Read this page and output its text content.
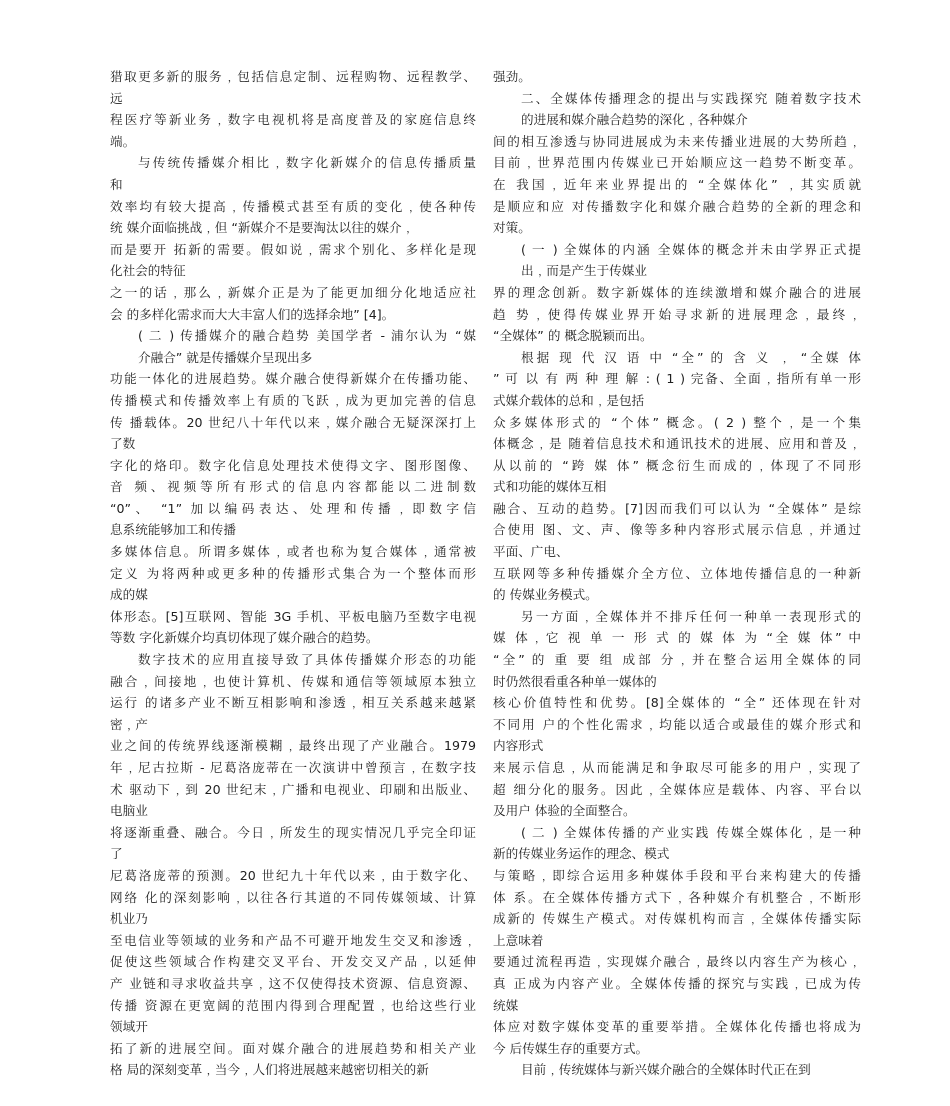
猎取更多新的服务﹐包括信息定制、远程购物、远程教学、
远
程医疗等新业务﹐数字电视机将是高度普及的家庭信息终
端。
与传统传播媒介相比﹐数字化新媒介的信息传播质量
和
效率均有较大提高﹐传播模式甚至有质的变化﹐使各种传
统 媒介面临挑战﹐但 “新媒介不是要淘汰以往的媒介﹐
而是要开 拓新的需要。假如说﹐需求个别化、多样化是现
化社会的特征
之一的话﹐那么﹐新媒介正是为了能更加细分化地适应社
会 的多样化需求而大大丰富人们的选择余地” [4]。
( 二 ) 传播媒介的融合趋势 美国学者 - 浦尔认为 “媒
介融合” 就是传播媒介呈现出多
功能一体化的进展趋势。媒介融合使得新媒介在传播功能、
传播模式和传播效率上有质的飞跃﹐成为更加完善的信息
传 播载体。20 世纪八十年代以来﹐媒介融合无疑深深打上
了数
字化的烙印。数字化信息处理技术使得文字、图形图像、
音 频、视频等所有形式的信息内容都能以二进制数
“0”、 “1” 加以编码表达、处理和传播﹐即数字信
息系统能够加工和传播
多媒体信息。所谓多媒体﹐或者也称为复合媒体﹐通常被
定义 为将两种或更多种的传播形式集合为一个整体而形
成的媒
体形态。[5]互联网、智能 3G 手机、平板电脑乃至数字电视
等数 字化新媒介均真切体现了媒介融合的趋势。
数字技术的应用直接导致了具体传播媒介形态的功能
融合﹐间接地﹐也使计算机、传媒和通信等领域原本独立
运行 的诸多产业不断互相影响和渗透﹐相互关系越来越紧
密﹐产
业之间的传统界线逐渐模糊﹐最终出现了产业融合。1979
年﹐尼古拉斯 - 尼葛洛庞蒂在一次演讲中曾预言﹐在数字技
术 驱动下﹐到 20 世纪末﹐广播和电视业、印刷和出版业、
电脑业
将逐渐重叠、融合。今日﹐所发生的现实情况几乎完全印证
了
尼葛洛庞蒂的预测。20 世纪九十年代以来﹐由于数字化、
网络 化的深刻影响﹐以往各行其道的不同传媒领域、计算
机业乃
至电信业等领域的业务和产品不可避开地发生交叉和渗透﹐
促使这些领域合作构建交叉平台、开发交叉产品﹐以延伸
产 业链和寻求收益共享﹐这不仅使得技术资源、信息资源、
传播 资源在更宽阔的范围内得到合理配置﹐也给这些行业
领域开
拓了新的进展空间。面对媒介融合的进展趋势和相关产业
格 局的深刻变革﹐当今﹐人们将进展越来越密切相关的新
强劲。
二、全媒体传播理念的提出与实践探究 随着数字技术
的进展和媒介融合趋势的深化﹐各种媒介
间的相互渗透与协同进展成为未来传播业进展的大势所趋﹐
目前﹐世界范围内传媒业已开始顺应这一趋势不断变革。
在 我国﹐近年来业界提出的 “全媒体化” ﹐其实质就
是顺应和应 对传播数字化和媒介融合趋势的全新的理念和
对策。
( 一 ) 全媒体的内涵 全媒体的概念并未由学界正式提
出﹐而是产生于传媒业
界的理念创新。数字新媒体的连续激增和媒介融合的进展
趋 势﹐使得传媒业界开始寻求新的进展理念﹐最终﹐
“全媒体” 的 概念脱颖而出。
根据 现 代 汉 语 中 “全” 的 含 义 ﹐ “全媒 体
” 可 以 有 两 种 理 解 : ( 1 ) 完备、全面﹐指所有单一形
式媒介载体的总和﹐是包括
众多媒体形式的 “个体” 概念。( 2 ) 整个﹐是一个集
体概念﹐是 随着信息技术和通讯技术的进展、应用和普及﹐
从以前的 “跨 媒 体” 概念衍生而成的﹐体现了不同形
式和功能的媒体互相
融合、互动的趋势。[7]因而我们可以认为 “全媒体” 是综
合使用 图、文、声、像等多种内容形式展示信息﹐并通过
平面、广电、
互联网等多种传播媒介全方位、立体地传播信息的一种新
的 传媒业务模式。
另一方面﹐全媒体并不排斥任何一种单一表现形式的
媒 体﹐它 视 单 一 形 式 的 媒 体 为 “全 媒 体” 中
“全” 的 重 要 组 成部 分﹐并在整合运用全媒体的同
时仍然很看重各种单一媒体的
核心价值特性和优势。[8]全媒体的 “全” 还体现在针对
不同用 户的个性化需求﹐均能以适合或最佳的媒介形式和
内容形式
来展示信息﹐从而能满足和争取尽可能多的用户﹐实现了
超 细分化的服务。因此﹐全媒体应是载体、内容、平台以
及用户 体验的全面整合。
( 二 ) 全媒体传播的产业实践 传媒全媒体化﹐是一种
新的传媒业务运作的理念、模式
与策略﹐即综合运用多种媒体手段和平台来构建大的传播
体 系。在全媒体传播方式下﹐各种媒介有机整合﹐不断形
成新的 传媒生产模式。对传媒机构而言﹐全媒体传播实际
上意味着
要通过流程再造﹐实现媒介融合﹐最终以内容生产为核心﹐
真 正成为内容产业。全媒体传播的探究与实践﹐已成为传
统媒
体应对数字媒体变革的重要举措。全媒体化传播也将成为
今 后传媒生存的重要方式。
目前﹐传统媒体与新兴媒介融合的全媒体时代正在到
